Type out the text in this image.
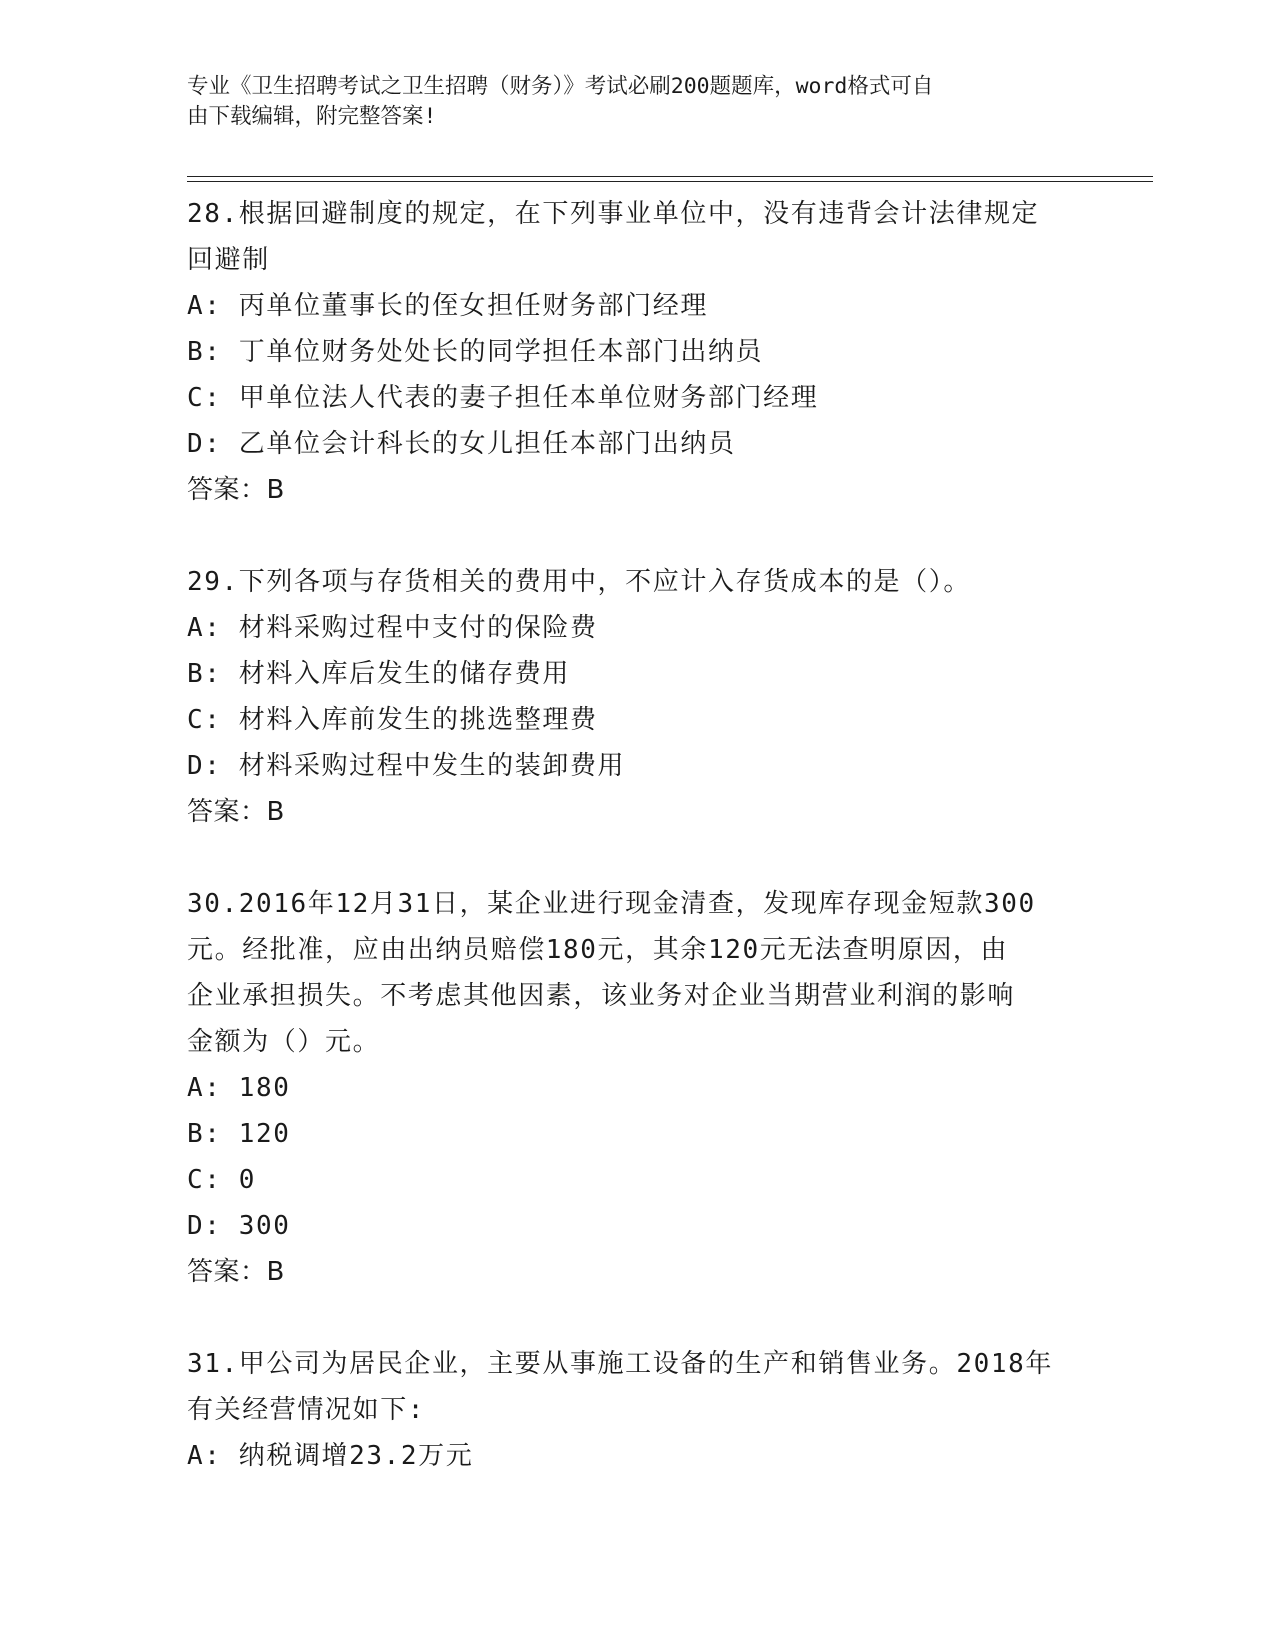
专业《卫生招聘考试之卫生招聘（财务）》考试必刷200题题库，word格式可自
由下载编辑，附完整答案!
28.根据回避制度的规定，在下列事业单位中，没有违背会计法律规定
回避制
A: 丙单位董事长的侄女担任财务部门经理
B: 丁单位财务处处长的同学担任本部门出纳员
C: 甲单位法人代表的妻子担任本单位财务部门经理
D: 乙单位会计科长的女儿担任本部门出纳员
答案：B
29.下列各项与存货相关的费用中，不应计入存货成本的是（）。
A: 材料采购过程中支付的保险费
B: 材料入库后发生的储存费用
C: 材料入库前发生的挑选整理费
D: 材料采购过程中发生的装卸费用
答案：B
30.2016年12月31日，某企业进行现金清查，发现库存现金短款300
元。经批准，应由出纳员赔偿180元，其余120元无法查明原因，由
企业承担损失。不考虑其他因素，该业务对企业当期营业利润的影响
金额为（）元。
A: 180
B: 120
C: 0
D: 300
答案：B
31.甲公司为居民企业，主要从事施工设备的生产和销售业务。2018年
有关经营情况如下:
A: 纳税调增23.2万元
